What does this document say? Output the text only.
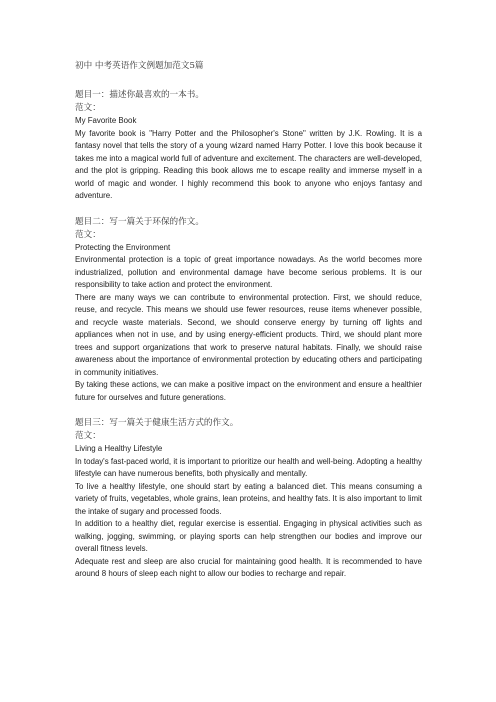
初中 中考英语作文例题加范文5篇
题目一：描述你最喜欢的一本书。
范文：
My Favorite Book

My favorite book is "Harry Potter and the Philosopher's Stone" written by J.K. Rowling. It is a fantasy novel that tells the story of a young wizard named Harry Potter. I love this book because it takes me into a magical world full of adventure and excitement. The characters are well-developed, and the plot is gripping. Reading this book allows me to escape reality and immerse myself in a world of magic and wonder. I highly recommend this book to anyone who enjoys fantasy and adventure.

题目二：写一篇关于环保的作文。
范文：
Protecting the Environment

Environmental protection is a topic of great importance nowadays. As the world becomes more industrialized, pollution and environmental damage have become serious problems. It is our responsibility to take action and protect the environment.

There are many ways we can contribute to environmental protection. First, we should reduce, reuse, and recycle. This means we should use fewer resources, reuse items whenever possible, and recycle waste materials. Second, we should conserve energy by turning off lights and appliances when not in use, and by using energy-efficient products. Third, we should plant more trees and support organizations that work to preserve natural habitats. Finally, we should raise awareness about the importance of environmental protection by educating others and participating in community initiatives.

By taking these actions, we can make a positive impact on the environment and ensure a healthier future for ourselves and future generations.

题目三：写一篇关于健康生活方式的作文。
范文：
Living a Healthy Lifestyle

In today's fast-paced world, it is important to prioritize our health and well-being. Adopting a healthy lifestyle can have numerous benefits, both physically and mentally.

To live a healthy lifestyle, one should start by eating a balanced diet. This means consuming a variety of fruits, vegetables, whole grains, lean proteins, and healthy fats. It is also important to limit the intake of sugary and processed foods.

In addition to a healthy diet, regular exercise is essential. Engaging in physical activities such as walking, jogging, swimming, or playing sports can help strengthen our bodies and improve our overall fitness levels.

Adequate rest and sleep are also crucial for maintaining good health. It is recommended to have around 8 hours of sleep each night to allow our bodies to recharge and repair.
